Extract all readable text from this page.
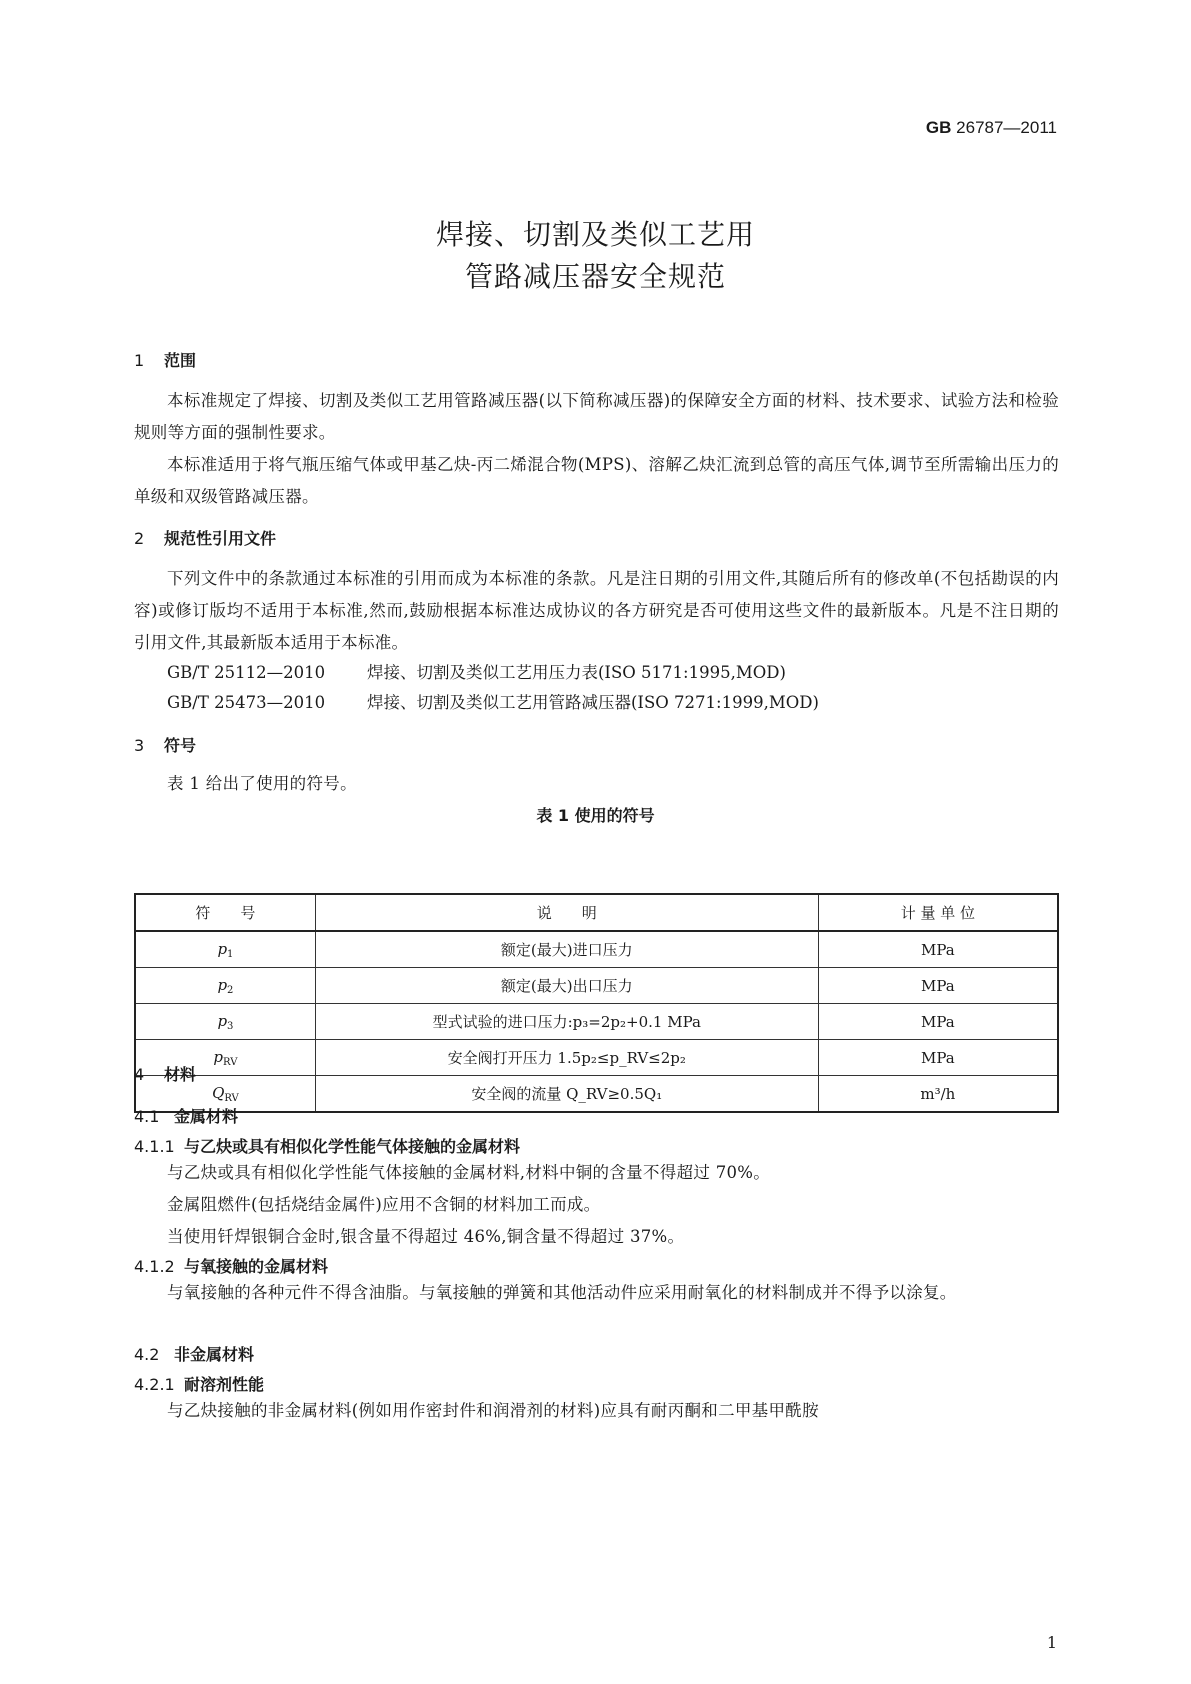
GB 26787—2011
焊接、切割及类似工艺用
管路减压器安全规范
1 范围
本标准规定了焊接、切割及类似工艺用管路减压器(以下简称减压器)的保障安全方面的材料、技术要求、试验方法和检验规则等方面的强制性要求。
本标准适用于将气瓶压缩气体或甲基乙炔-丙二烯混合物(MPS)、溶解乙炔汇流到总管的高压气体,调节至所需输出压力的单级和双级管路减压器。
2 规范性引用文件
下列文件中的条款通过本标准的引用而成为本标准的条款。凡是注日期的引用文件,其随后所有的修改单(不包括勘误的内容)或修订版均不适用于本标准,然而,鼓励根据本标准达成协议的各方研究是否可使用这些文件的最新版本。凡是不注日期的引用文件,其最新版本适用于本标准。
GB/T 25112—2010	焊接、切割及类似工艺用压力表(ISO 5171:1995,MOD)
GB/T 25473—2010	焊接、切割及类似工艺用管路减压器(ISO 7271:1999,MOD)
3 符号
表 1 给出了使用的符号。
表 1 使用的符号
符　　号	说　　明	计 量 单 位
$p_1$	额定(最大)进口压力	MPa
$p_2$	额定(最大)出口压力	MPa
$p_3$	型式试验的进口压力:p₃=2p₂+0.1 MPa	MPa
$p_{RV}$	安全阀打开压力 1.5p₂≤p_RV≤2p₂	MPa
$Q_{RV}$	安全阀的流量 Q_RV≥0.5Q₁	m³/h
4 材料
4.1 金属材料
4.1.1 与乙炔或具有相似化学性能气体接触的金属材料
与乙炔或具有相似化学性能气体接触的金属材料,材料中铜的含量不得超过 70%。
金属阻燃件(包括烧结金属件)应用不含铜的材料加工而成。
当使用钎焊银铜合金时,银含量不得超过 46%,铜含量不得超过 37%。
4.1.2 与氧接触的金属材料
与氧接触的各种元件不得含油脂。与氧接触的弹簧和其他活动件应采用耐氧化的材料制成并不得予以涂复。
4.2 非金属材料
4.2.1 耐溶剂性能
与乙炔接触的非金属材料(例如用作密封件和润滑剂的材料)应具有耐丙酮和二甲基甲酰胺
1
